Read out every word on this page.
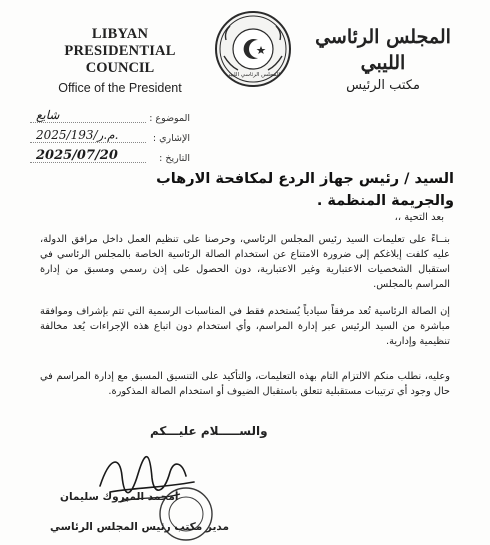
LIBYAN PRESIDENTIAL
COUNCIL
Office of the President
المجلس الرئاسي الليبي
المجلس الرئاسي الليبي
مكتب الرئيس
الموضوع :
شايع
الإشاري :
2025/193/م.ر.
التاريخ :
2025/07/20
السيد / رئيس جهاز الردع لمكافحة الارهاب
والجريمة المنظمة .
بعد التحية ،،
بنــاءً على تعليمات السيد رئيس المجلس الرئاسي، وحرصنا على تنظيم العمل داخل مرافق الدولة، عليه كلفت إبلاغكم إلى ضرورة الامتناع عن استخدام الصالة الرئاسية الخاصة بالمجلس الرئاسي في استقبال الشخصيات الاعتبارية وغير الاعتبارية، دون الحصول على إذن رسمي ومسبق من إدارة المراسم بالمجلس.
إن الصالة الرئاسية تُعد مرفقاً سيادياً يُستخدم فقط في المناسبات الرسمية التي تتم بإشراف وموافقة مباشرة من السيد الرئيس عبر إدارة المراسم، وأي استخدام دون اتباع هذه الإجراءات يُعد مخالفة تنظيمية وإدارية.
وعليه، نطلب منكم الالتزام التام بهذه التعليمات، والتأكيد على التنسيق المسبق مع إدارة المراسم في حال وجود أي ترتيبات مستقبلية تتعلق باستقبال الضيوف أو استخدام الصالة المذكورة.
والســـــلام عليـــكم
أمحمد المبروك سليمان
مدير مكتب رئيس المجلس الرئاسي
